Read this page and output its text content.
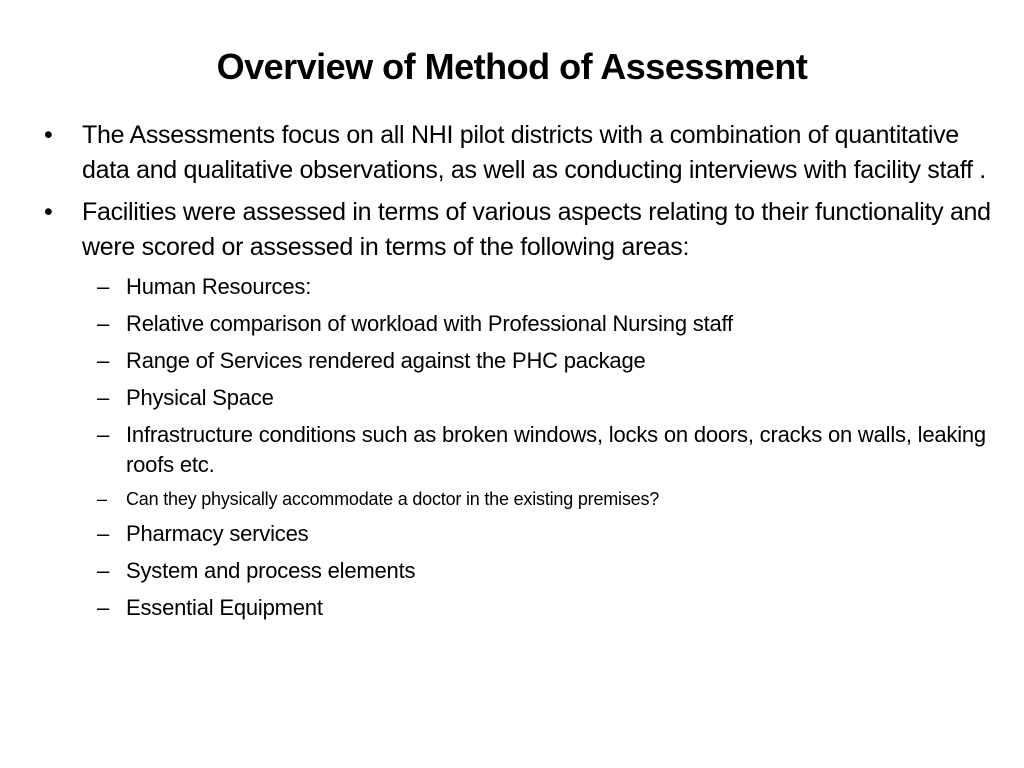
Overview of Method of Assessment
• The Assessments focus on all NHI pilot districts with a combination of quantitative data and qualitative observations, as well as conducting interviews with facility staff .
• Facilities were assessed in terms of various aspects relating to their functionality and were scored or assessed in terms of the following areas:
– Human Resources:
– Relative comparison of workload with Professional Nursing staff
– Range of Services rendered against the PHC package
– Physical Space
– Infrastructure conditions such as broken windows, locks on doors, cracks on walls, leaking roofs etc.
– Can they physically accommodate a doctor in the existing premises?
– Pharmacy services
– System and process elements
– Essential Equipment
